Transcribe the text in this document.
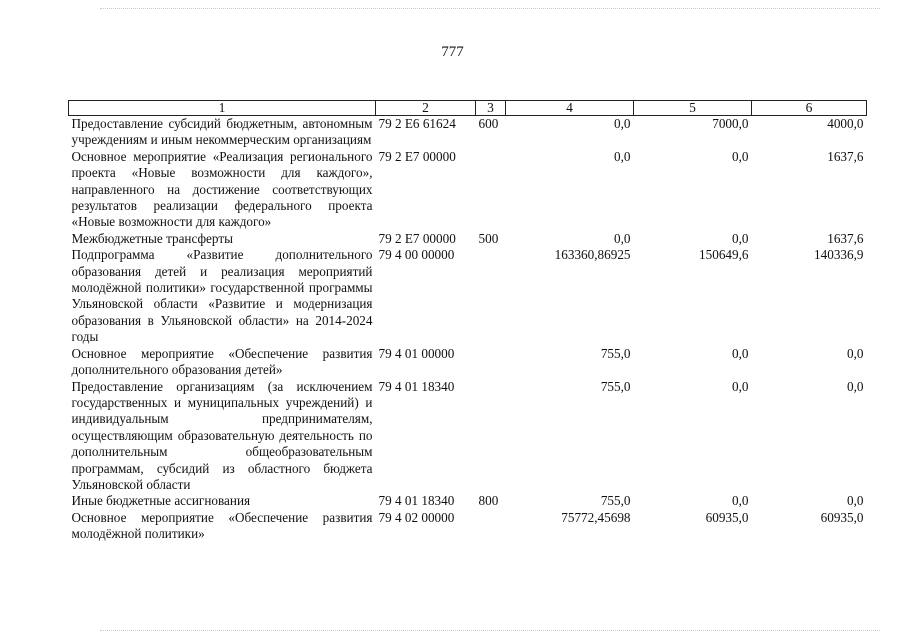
777
1	2	3	4	5	6
Предоставление субсидий бюджетным, автономным учреждениям и иным некоммерческим организациям	79 2 Е6 61624	600	0,0	7000,0	4000,0
Основное мероприятие «Реализация регионального проекта «Новые возможности для каждого», направленного на достижение соответствующих результатов реализации федерального проекта «Новые возможности для каждого»	79 2 Е7 00000		0,0	0,0	1637,6
Межбюджетные трансферты	79 2 Е7 00000	500	0,0	0,0	1637,6
Подпрограмма «Развитие дополнительного образования детей и реализация мероприятий молодёжной политики» государственной программы Ульяновской области «Развитие и модернизация образования в Ульяновской области» на 2014-2024 годы	79 4 00 00000		163360,86925	150649,6	140336,9
Основное мероприятие «Обеспечение развития дополнительного образования детей»	79 4 01 00000		755,0	0,0	0,0
Предоставление организациям (за исключением государственных и муниципальных учреждений) и индивидуальным предпринимателям, осуществляющим образовательную деятельность по дополнительным общеобразовательным программам, субсидий из областного бюджета Ульяновской области	79 4 01 18340		755,0	0,0	0,0
Иные бюджетные ассигнования	79 4 01 18340	800	755,0	0,0	0,0
Основное мероприятие «Обеспечение развития молодёжной политики»	79 4 02 00000		75772,45698	60935,0	60935,0
